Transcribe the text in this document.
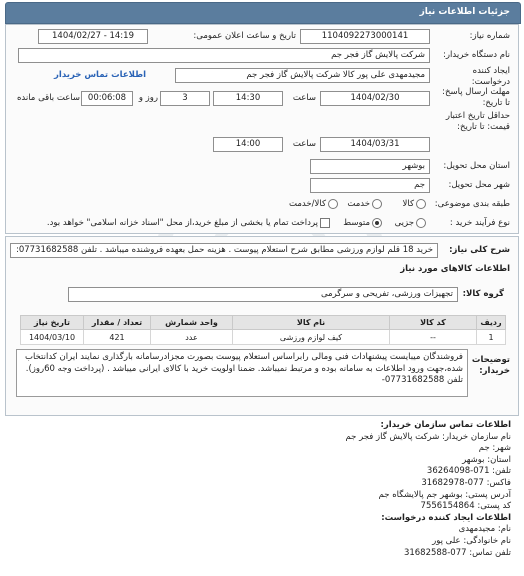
جزئیات اطلاعات نیاز
شماره نیاز:
1104092273000141
تاریخ و ساعت اعلان عمومی:
1404/02/27 - 14:19
نام دستگاه خریدار:
شرکت پالایش گاز فجر جم
ایجاد کننده درخواست:
مجیدمهدی علی پور کالا شرکت پالایش گاز فجر جم
اطلاعات تماس خریدار
مهلت ارسال پاسخ: تا تاریخ:
1404/02/30
ساعت
14:30
3
روز و
00:06:08
ساعت باقی مانده
حداقل تاریخ اعتبار قیمت: تا تاریخ:
1404/03/31
ساعت
14:00
استان محل تحویل:
بوشهر
شهر محل تحویل:
جم
طبقه بندی موضوعی:
کالا
خدمت
کالا/خدمت
نوع فرآیند خرید :
جزیی
متوسط
پرداخت تمام یا بخشی از مبلغ خرید،از محل "اسناد خزانه اسلامی" خواهد بود.
شرح کلی نیاز:
خرید 18 قلم لوازم ورزشی مطابق شرح استعلام پیوست . هزینه حمل بعهده فروشنده میباشد . تلفن 07731682588:
اطلاعات کالاهای مورد نیاز
گروه کالا:
تجهیزات ورزشی، تفریحی و سرگرمی
ردیف	کد کالا	نام کالا	واحد شمارش	تعداد / مقدار	تاریخ نیاز
1	--	کیف لوازم ورزشی	عدد	421	1404/03/10
توضیحات خریدار:
فروشندگان میبایست پیشنهادات فنی ومالی رابراساس استعلام پیوست بصورت مجزادرسامانه بارگذاری نمایند ایران کدانتخاب شده،جهت ورود اطلاعات به سامانه بوده و مرتبط نمیباشد. ضمنا اولویت خرید با کالای ایرانی میباشد . (پرداخت وجه 60روز). تلفن 07731682588-
اطلاعات تماس سازمان خریدار:
نام سازمان خریدار: شرکت پالایش گاز فجر جم
شهر: جم
استان: بوشهر
تلفن: 071-36264098
فاکس: 077-31682978
آدرس پستی: بوشهر جم پالایشگاه جم
کد پستی: 7556154864
اطلاعات ایجاد کننده درخواست:
نام: مجیدمهدی
نام خانوادگی: علی پور
تلفن تماس: 077-31682588
